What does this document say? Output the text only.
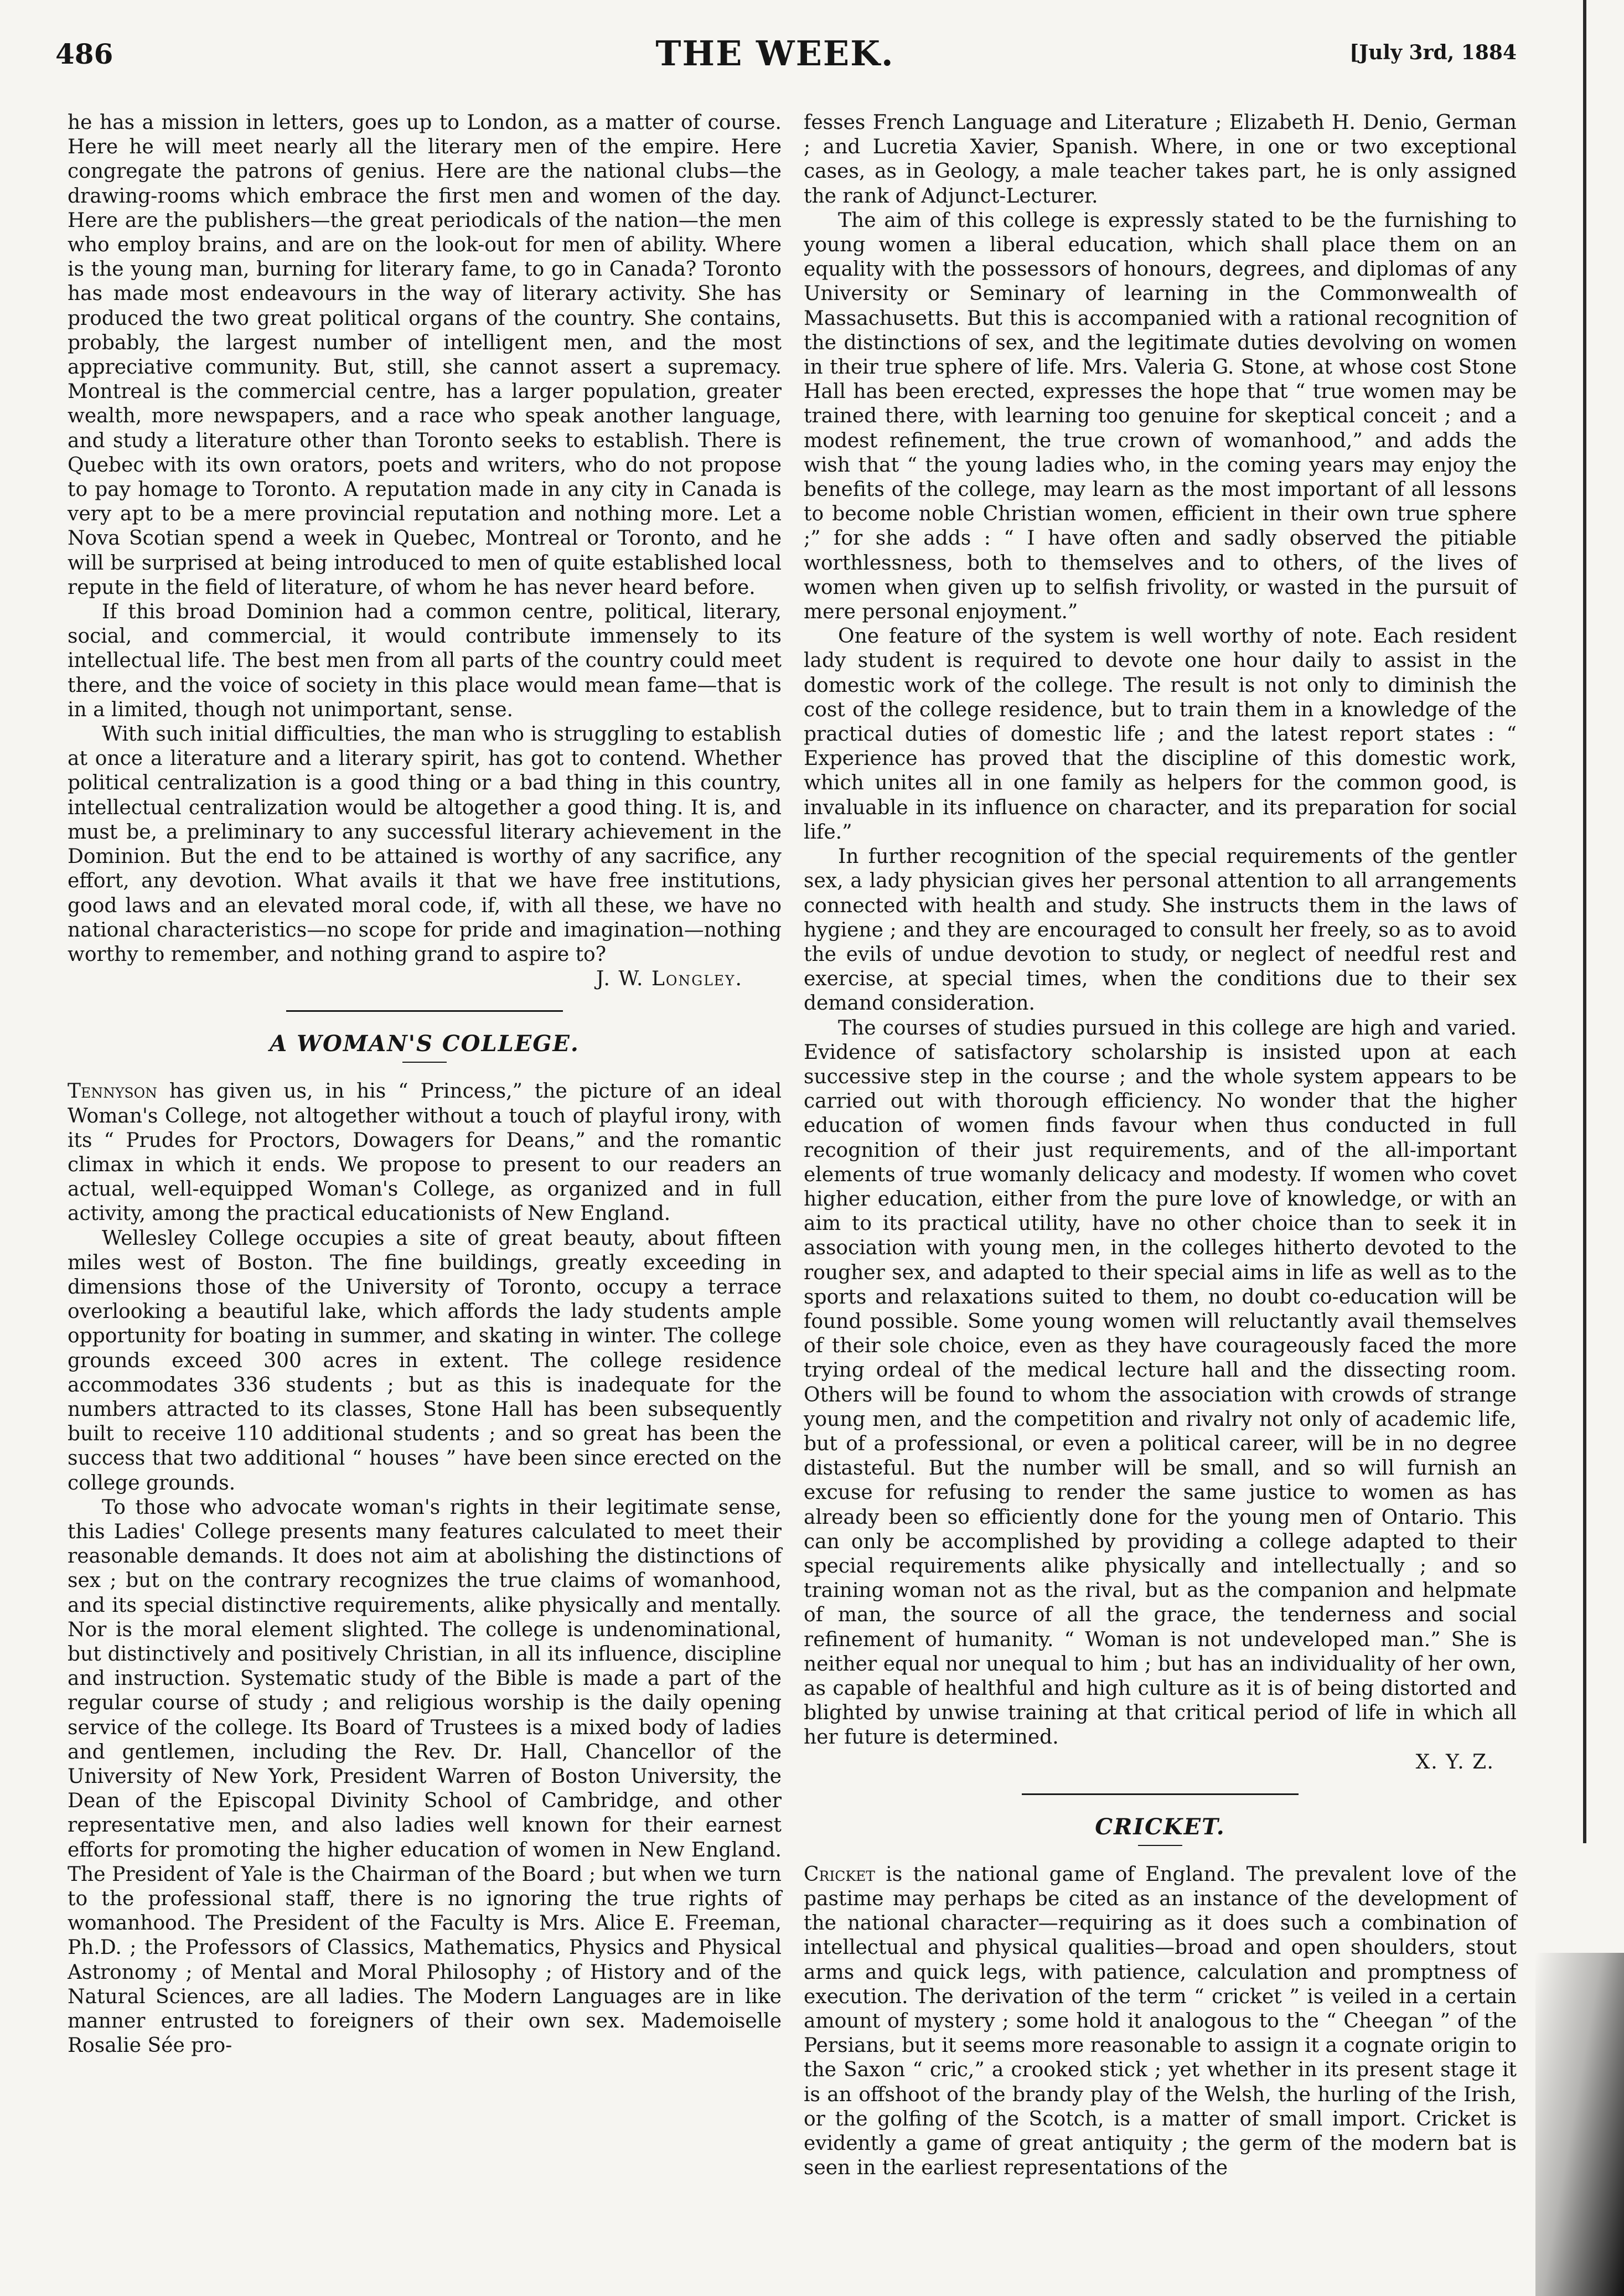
486	THE WEEK.	[July 3rd, 1884

he has a mission in letters, goes up to London, as a matter of course. Here he will meet nearly all the literary men of the empire. Here congregate the patrons of genius. Here are the national clubs—the drawing-rooms which embrace the first men and women of the day. Here are the publishers—the great periodicals of the nation—the men who employ brains, and are on the look-out for men of ability. Where is the young man, burning for literary fame, to go in Canada? Toronto has made most endeavours in the way of literary activity. She has produced the two great political organs of the country. She contains, probably, the largest number of intelligent men, and the most appreciative community. But, still, she cannot assert a supremacy. Montreal is the commercial centre, has a larger population, greater wealth, more newspapers, and a race who speak another language, and study a literature other than Toronto seeks to establish. There is Quebec with its own orators, poets and writers, who do not propose to pay homage to Toronto. A reputation made in any city in Canada is very apt to be a mere provincial reputation and nothing more. Let a Nova Scotian spend a week in Quebec, Montreal or Toronto, and he will be surprised at being introduced to men of quite established local repute in the field of literature, of whom he has never heard before.

If this broad Dominion had a common centre, political, literary, social, and commercial, it would contribute immensely to its intellectual life. The best men from all parts of the country could meet there, and the voice of society in this place would mean fame—that is in a limited, though not unimportant, sense.

With such initial difficulties, the man who is struggling to establish at once a literature and a literary spirit, has got to contend. Whether political centralization is a good thing or a bad thing in this country, intellectual centralization would be altogether a good thing. It is, and must be, a preliminary to any successful literary achievement in the Dominion. But the end to be attained is worthy of any sacrifice, any effort, any devotion. What avails it that we have free institutions, good laws and an elevated moral code, if, with all these, we have no national characteristics—no scope for pride and imagination—nothing worthy to remember, and nothing grand to aspire to?

J. W. Longley.
A WOMAN'S COLLEGE.

Tennyson has given us, in his “ Princess,” the picture of an ideal Woman's College, not altogether without a touch of playful irony, with its “ Prudes for Proctors, Dowagers for Deans,” and the romantic climax in which it ends. We propose to present to our readers an actual, well-equipped Woman's College, as organized and in full activity, among the practical educationists of New England.

Wellesley College occupies a site of great beauty, about fifteen miles west of Boston. The fine buildings, greatly exceeding in dimensions those of the University of Toronto, occupy a terrace overlooking a beautiful lake, which affords the lady students ample opportunity for boating in summer, and skating in winter. The college grounds exceed 300 acres in extent. The college residence accommodates 336 students ; but as this is inadequate for the numbers attracted to its classes, Stone Hall has been subsequently built to receive 110 additional students ; and so great has been the success that two additional “ houses ” have been since erected on the college grounds.

To those who advocate woman's rights in their legitimate sense, this Ladies' College presents many features calculated to meet their reasonable demands. It does not aim at abolishing the distinctions of sex ; but on the contrary recognizes the true claims of womanhood, and its special distinctive requirements, alike physically and mentally. Nor is the moral element slighted. The college is undenominational, but distinctively and positively Christian, in all its influence, discipline and instruction. Systematic study of the Bible is made a part of the regular course of study ; and religious worship is the daily opening service of the college. Its Board of Trustees is a mixed body of ladies and gentlemen, including the Rev. Dr. Hall, Chancellor of the University of New York, President Warren of Boston University, the Dean of the Episcopal Divinity School of Cambridge, and other representative men, and also ladies well known for their earnest efforts for promoting the higher education of women in New England. The President of Yale is the Chairman of the Board ; but when we turn to the professional staff, there is no ignoring the true rights of womanhood. The President of the Faculty is Mrs. Alice E. Freeman, Ph.D. ; the Professors of Classics, Mathematics, Physics and Physical Astronomy ; of Mental and Moral Philosophy ; of History and of the Natural Sciences, are all ladies. The Modern Languages are in like manner entrusted to foreigners of their own sex. Mademoiselle Rosalie Sée pro-

fesses French Language and Literature ; Elizabeth H. Denio, German ; and Lucretia Xavier, Spanish. Where, in one or two exceptional cases, as in Geology, a male teacher takes part, he is only assigned the rank of Adjunct-Lecturer.

The aim of this college is expressly stated to be the furnishing to young women a liberal education, which shall place them on an equality with the possessors of honours, degrees, and diplomas of any University or Seminary of learning in the Commonwealth of Massachusetts. But this is accompanied with a rational recognition of the distinctions of sex, and the legitimate duties devolving on women in their true sphere of life. Mrs. Valeria G. Stone, at whose cost Stone Hall has been erected, expresses the hope that “ true women may be trained there, with learning too genuine for skeptical conceit ; and a modest refinement, the true crown of womanhood,” and adds the wish that “ the young ladies who, in the coming years may enjoy the benefits of the college, may learn as the most important of all lessons to become noble Christian women, efficient in their own true sphere ;” for she adds : “ I have often and sadly observed the pitiable worthlessness, both to themselves and to others, of the lives of women when given up to selfish frivolity, or wasted in the pursuit of mere personal enjoyment.”

One feature of the system is well worthy of note. Each resident lady student is required to devote one hour daily to assist in the domestic work of the college. The result is not only to diminish the cost of the college residence, but to train them in a knowledge of the practical duties of domestic life ; and the latest report states : “ Experience has proved that the discipline of this domestic work, which unites all in one family as helpers for the common good, is invaluable in its influence on character, and its preparation for social life.”

In further recognition of the special requirements of the gentler sex, a lady physician gives her personal attention to all arrangements connected with health and study. She instructs them in the laws of hygiene ; and they are encouraged to consult her freely, so as to avoid the evils of undue devotion to study, or neglect of needful rest and exercise, at special times, when the conditions due to their sex demand consideration.

The courses of studies pursued in this college are high and varied. Evidence of satisfactory scholarship is insisted upon at each successive step in the course ; and the whole system appears to be carried out with thorough efficiency. No wonder that the higher education of women finds favour when thus conducted in full recognition of their just requirements, and of the all-important elements of true womanly delicacy and modesty. If women who covet higher education, either from the pure love of knowledge, or with an aim to its practical utility, have no other choice than to seek it in association with young men, in the colleges hitherto devoted to the rougher sex, and adapted to their special aims in life as well as to the sports and relaxations suited to them, no doubt co-education will be found possible. Some young women will reluctantly avail themselves of their sole choice, even as they have courageously faced the more trying ordeal of the medical lecture hall and the dissecting room. Others will be found to whom the association with crowds of strange young men, and the competition and rivalry not only of academic life, but of a professional, or even a political career, will be in no degree distasteful. But the number will be small, and so will furnish an excuse for refusing to render the same justice to women as has already been so efficiently done for the young men of Ontario. This can only be accomplished by providing a college adapted to their special requirements alike physically and intellectually ; and so training woman not as the rival, but as the companion and helpmate of man, the source of all the grace, the tenderness and social refinement of humanity. “ Woman is not undeveloped man.” She is neither equal nor unequal to him ; but has an individuality of her own, as capable of healthful and high culture as it is of being distorted and blighted by unwise training at that critical period of life in which all her future is determined.

X. Y. Z.
CRICKET.

Cricket is the national game of England. The prevalent love of the pastime may perhaps be cited as an instance of the development of the national character—requiring as it does such a combination of intellectual and physical qualities—broad and open shoulders, stout arms and quick legs, with patience, calculation and promptness of execution. The derivation of the term “ cricket ” is veiled in a certain amount of mystery ; some hold it analogous to the “ Cheegan ” of the Persians, but it seems more reasonable to assign it a cognate origin to the Saxon “ cric,” a crooked stick ; yet whether in its present stage it is an offshoot of the brandy play of the Welsh, the hurling of the Irish, or the golfing of the Scotch, is a matter of small import. Cricket is evidently a game of great antiquity ; the germ of the modern bat is seen in the earliest representations of the
